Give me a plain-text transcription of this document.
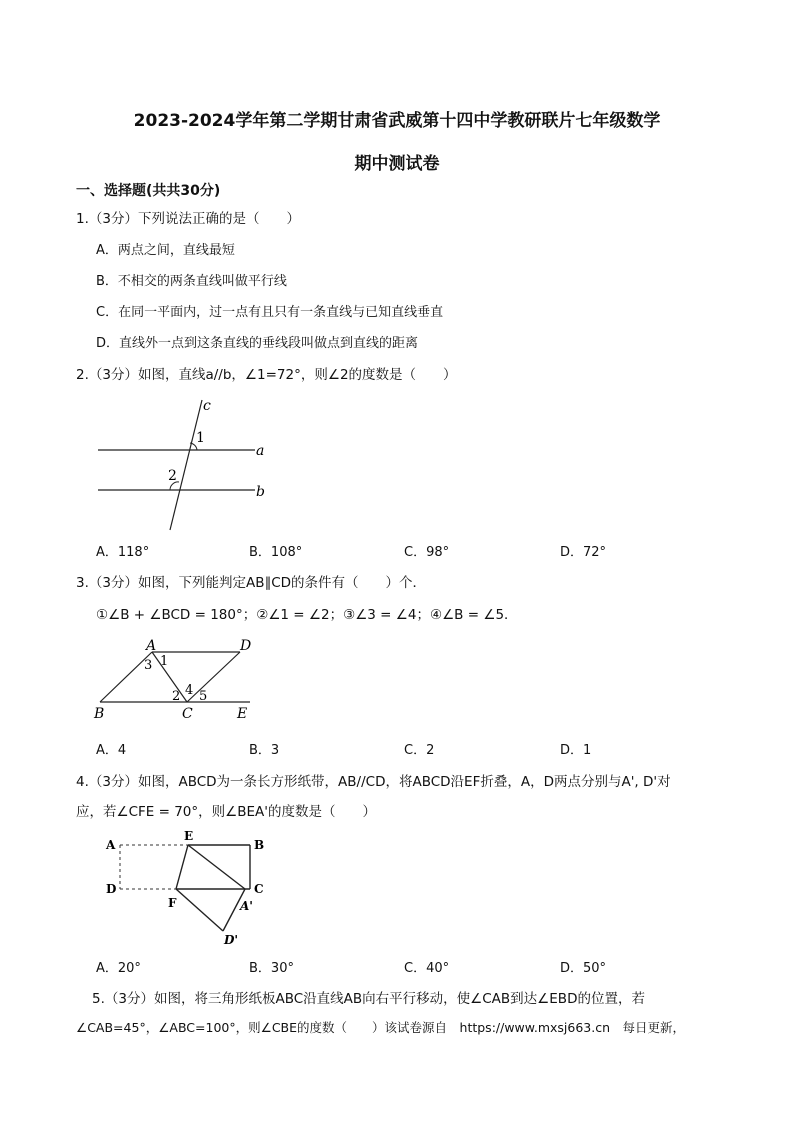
2023-2024学年第二学期甘肃省武威第十四中学教研联片七年级数学
期中测试卷
一、选择题(共共30分)
1.（3分）下列说法正确的是（　　）
A．两点之间，直线最短
B．不相交的两条直线叫做平行线
C．在同一平面内，过一点有且只有一条直线与已知直线垂直
D．直线外一点到这条直线的垂线段叫做点到直线的距离
2.（3分）如图，直线a//b，∠1=72°，则∠2的度数是（　　）
c
1
a
2
b
A．118°	B．108°	C．98°	D．72°
3.（3分）如图，下列能判定AB∥CD的条件有（　　）个．
①∠B + ∠BCD = 180°；②∠1 = ∠2；③∠3 = ∠4；④∠B = ∠5．
A	D
3 1
2 4 5
B	C	E
A．4	B．3	C．2	D．1
4.（3分）如图，ABCD为一条长方形纸带，AB//CD，将ABCD沿EF折叠，A，D两点分别与A', D'对
应，若∠CFE = 70°，则∠BEA'的度数是（　　）
A
E
B
D	C
F	A'
D'
A．20°	B．30°	C．40°	D．50°
5.（3分）如图，将三角形纸板ABC沿直线AB向右平行移动，使∠CAB到达∠EBD的位置，若
∠CAB=45°，∠ABC=100°，则∠CBE的度数（　　）该试卷源自　https://www.mxsj663.cn　每日更新，
